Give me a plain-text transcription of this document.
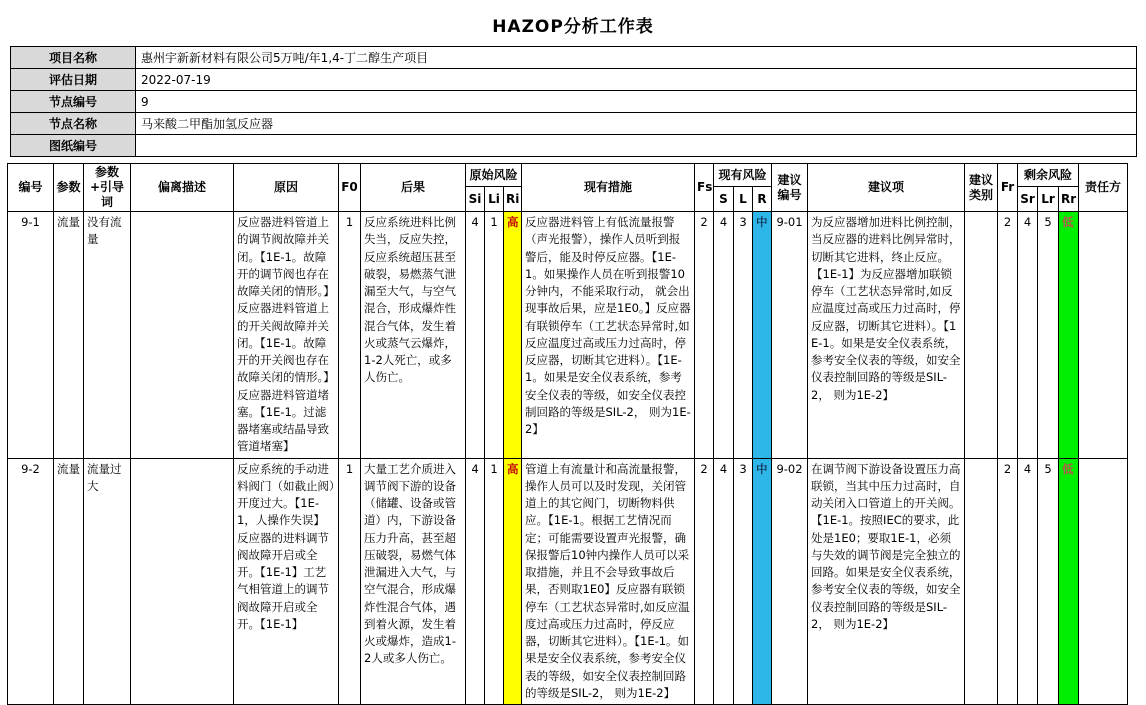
HAZOP分析工作表
项目名称	惠州宇新新材料有限公司5万吨/年1,4-丁二醇生产项目
评估日期	2022-07-19
节点编号	9
节点名称	马来酸二甲酯加氢反应器
图纸编号	
编号	参数	参数+引导词	偏离描述	原因	F0	后果	原始风险			现有措施	Fs	现有风险			建议编号	建议项	建议类别	Fr	剩余风险			责任方
							Si	Li	Ri			S	L	R					Sr	Lr	Rr	
9-1	流量	没有流量		反应器进料管道上的调节阀故障并关闭。【1E-1。故障开的调节阀也存在故障关闭的情形。】反应器进料管道上的开关阀故障并关闭。【1E-1。故障开的开关阀也存在故障关闭的情形。】反应器进料管道堵塞。【1E-1。过滤器堵塞或结晶导致管道堵塞】	1	反应系统进料比例失当，反应失控，反应系统超压甚至破裂，易燃蒸气泄漏至大气，与空气混合，形成爆炸性混合气体，发生着火或蒸气云爆炸，1-2人死亡，或多人伤亡。	4	1	高	反应器进料管上有低流量报警（声光报警），操作人员听到报警后，能及时停反应器。【1E-1。如果操作人员在听到报警10分钟内，不能采取行动， 就会出现事故后果，应是1E0。】反应器有联锁停车（工艺状态异常时,如反应温度过高或压力过高时，停反应器，切断其它进料）。【1E-1。如果是安全仪表系统，参考安全仪表的等级，如安全仪表控制回路的等级是SIL-2， 则为1E-2】	2	4	3	中	9-01	为反应器增加进料比例控制，当反应器的进料比例异常时，切断其它进料，终止反应。【1E-1】为反应器增加联锁停车（工艺状态异常时,如反应温度过高或压力过高时，停反应器，切断其它进料）。【1E-1。如果是安全仪表系统，参考安全仪表的等级，如安全仪表控制回路的等级是SIL-2， 则为1E-2】		2	4	5	低	
9-2	流量	流量过大		反应系统的手动进料阀门（如截止阀）开度过大。【1E-1，人操作失误】反应器的进料调节阀故障开启或全开。【1E-1】工艺气相管道上的调节阀故障开启或全开。【1E-1】	1	大量工艺介质进入调节阀下游的设备（储罐、设备或管道）内，下游设备压力升高，甚至超压破裂，易燃气体泄漏进入大气，与空气混合，形成爆炸性混合气体，遇到着火源，发生着火或爆炸，造成1-2人或多人伤亡。	4	1	高	管道上有流量计和高流量报警，操作人员可以及时发现，关闭管道上的其它阀门，切断物料供应。【1E-1。根据工艺情况而定；可能需要设置声光报警，确保报警后10钟内操作人员可以采取措施，并且不会导致事故后果，否则取1E0】反应器有联锁停车（工艺状态异常时,如反应温度过高或压力过高时，停反应器，切断其它进料）。【1E-1。如果是安全仪表系统，参考安全仪表的等级，如安全仪表控制回路的等级是SIL-2， 则为1E-2】	2	4	3	中	9-02	在调节阀下游设备设置压力高联锁，当其中压力过高时，自动关闭入口管道上的开关阀。【1E-1。按照IEC的要求，此处是1E0；要取1E-1，必须与失效的调节阀是完全独立的回路。如果是安全仪表系统，参考安全仪表的等级，如安全仪表控制回路的等级是SIL-2， 则为1E-2】		2	4	5	低	
